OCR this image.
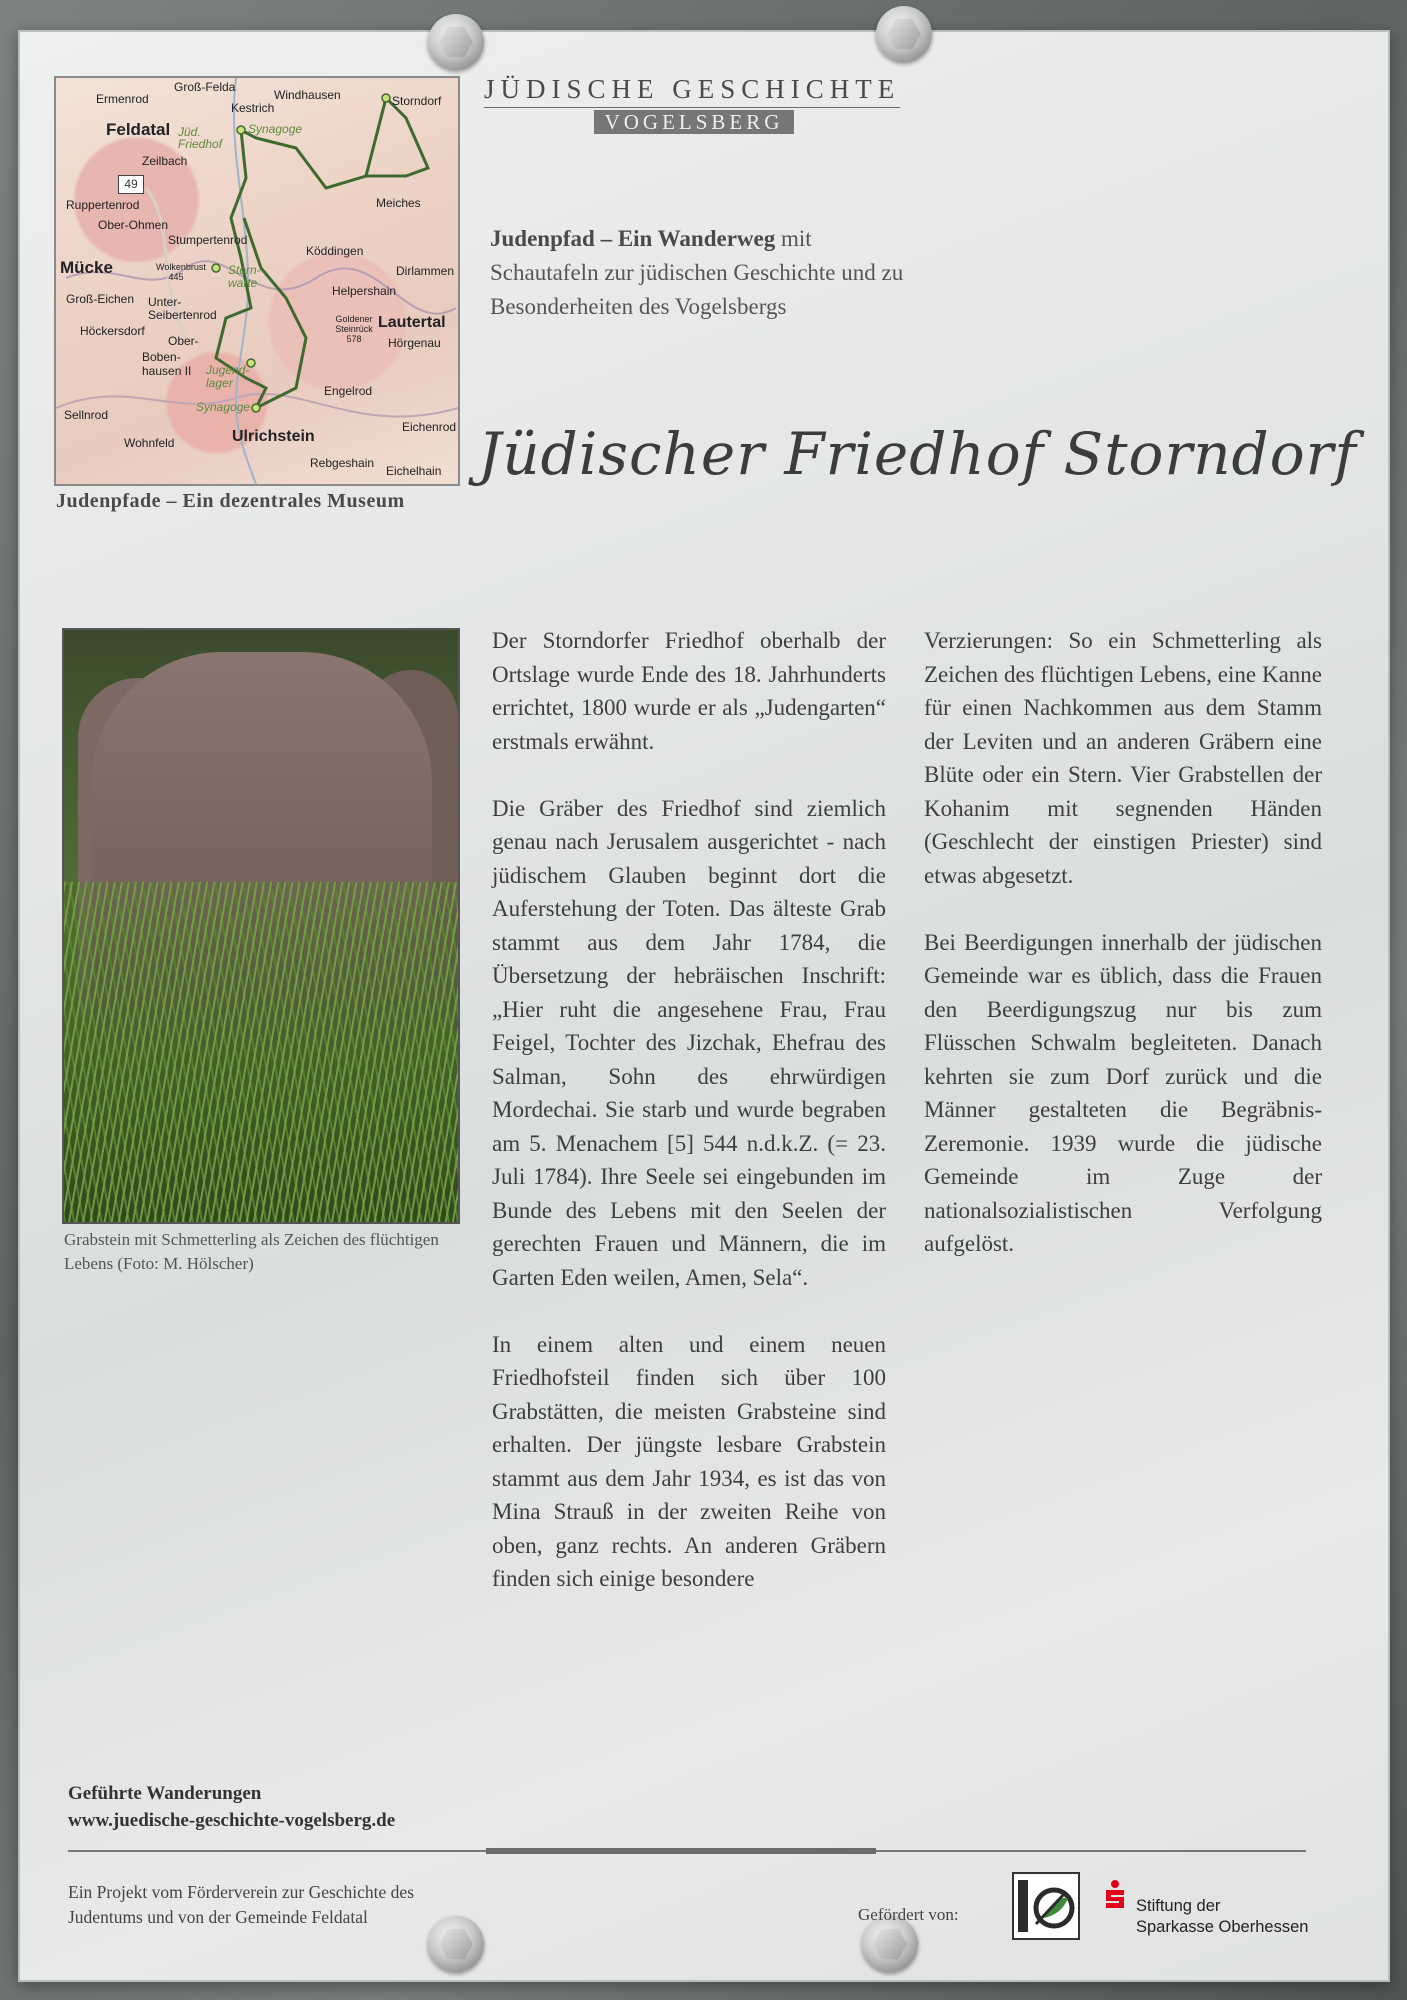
JÜDISCHE GESCHICHTE
VOGELSBERG
Judenpfad – Ein Wanderweg mit Schautafeln zur jüdischen Geschichte und zu Besonderheiten des Vogelsbergs
Jüdischer Friedhof Storndorf
Groß-Felda
Ermenrod
Kestrich
Windhausen	Storndorf
Feldatal Jüd. Friedhof
Synagoge
Zeilbach
49
Ruppertenrod	Meiches
Ober-Ohmen
Stumpertenrod
Köddingen
Mücke	Wolkenbrust 445	Stern-warte
Dirlammen
Groß-Eichen Unter-Seibertenrod
Helpershain
Höckersdorf
Goldener Steinrück 578
Lautertal
Hörgenau
Ober-
Boben-hausen II Jugend-lager
Engelrod
Synagoge
Sellnrod
Eichenrod
Wohnfeld	Ulrichstein
Rebgeshain
Eichelhain
Judenpfade – Ein dezentrales Museum
Grabstein mit Schmetterling als Zeichen des flüchtigen Lebens (Foto: M. Hölscher)

Der Storndorfer Friedhof oberhalb der Ortslage wurde Ende des 18. Jahrhunderts errichtet, 1800 wurde er als „Judengarten“ erstmals erwähnt.

Die Gräber des Friedhof sind ziemlich genau nach Jerusalem ausgerichtet - nach jüdischem Glauben beginnt dort die Auferstehung der Toten. Das älteste Grab stammt aus dem Jahr 1784, die Übersetzung der hebräischen Inschrift: „Hier ruht die angesehene Frau, Frau Feigel, Tochter des Jizchak, Ehefrau des Salman, Sohn des ehrwürdigen Mordechai. Sie starb und wurde begraben am 5. Menachem [5] 544 n.d.k.Z. (= 23. Juli 1784). Ihre Seele sei eingebunden im Bunde des Lebens mit den Seelen der gerechten Frauen und Männern, die im Garten Eden weilen, Amen, Sela“.

In einem alten und einem neuen Friedhofsteil finden sich über 100 Grabstätten, die meisten Grabsteine sind erhalten. Der jüngste lesbare Grabstein stammt aus dem Jahr 1934, es ist das von Mina Strauß in der zweiten Reihe von oben, ganz rechts. An anderen Gräbern finden sich einige besondere

Verzierungen: So ein Schmetterling als Zeichen des flüchtigen Lebens, eine Kanne für einen Nachkommen aus dem Stamm der Leviten und an anderen Gräbern eine Blüte oder ein Stern. Vier Grabstellen der Kohanim mit segnenden Händen (Geschlecht der einstigen Priester) sind etwas abgesetzt.

Bei Beerdigungen innerhalb der jüdischen Gemeinde war es üblich, dass die Frauen den Beerdigungszug nur bis zum Flüsschen Schwalm begleiteten. Danach kehrten sie zum Dorf zurück und die Männer gestalteten die Begräbnis-Zeremonie. 1939 wurde die jüdische Gemeinde im Zuge der nationalsozialistischen Verfolgung aufgelöst.

Geführte Wanderungen
www.juedische-geschichte-vogelsberg.de
Ein Projekt vom Förderverein zur Geschichte des Judentums und von der Gemeinde Feldatal	Gefördert von:	Stiftung der
Sparkasse Oberhessen
